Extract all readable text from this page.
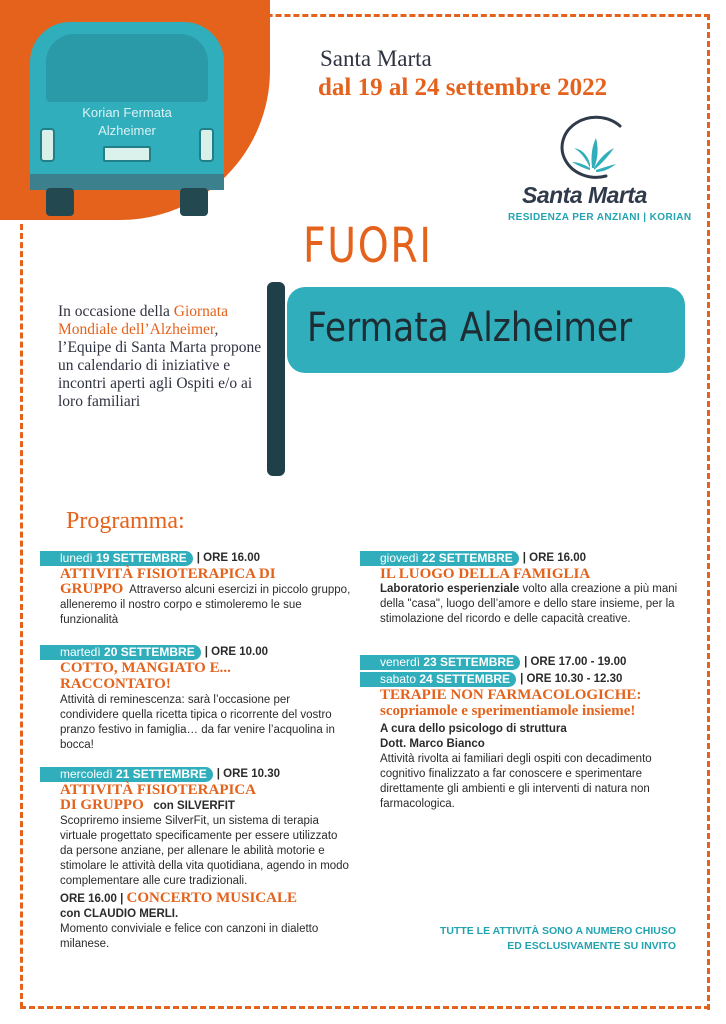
Korian Fermata
Alzheimer
Santa Marta
dal 19 al 24 settembre 2022
Santa Marta
RESIDENZA PER ANZIANI | KORIAN
FUORI
Fermata Alzheimer
In occasione della Giornata Mondiale dell’Alzheimer, l’Equipe di Santa Marta propone un calendario di iniziative e incontri aperti agli Ospiti e/o ai loro familiari
Programma:
lunedì 19 SETTEMBRE | ORE 16.00
ATTIVITÀ FISIOTERAPICA DI
GRUPPO Attraverso alcuni esercizi in piccolo gruppo, alleneremo il nostro corpo e stimoleremo le sue funzionalità
martedì 20 SETTEMBRE | ORE 10.00
COTTO, MANGIATO E... RACCONTATO!
Attività di reminescenza: sarà l’occasione per condividere quella ricetta tipica o ricorrente del vostro pranzo festivo in famiglia… da far venire l’acquolina in bocca!
mercoledì 21 SETTEMBRE | ORE 10.30
ATTIVITÀ FISIOTERAPICA
DI GRUPPO con SILVERFIT
Scopriremo insieme SilverFit, un sistema di terapia virtuale progettato specificamente per essere utilizzato da persone anziane, per allenare le abilità motorie e stimolare le attività della vita quotidiana, agendo in modo complementare alle cure tradizionali.
ORE 16.00 | CONCERTO MUSICALE
con CLAUDIO MERLI.
Momento conviviale e felice con canzoni in dialetto milanese.
giovedì 22 SETTEMBRE | ORE 16.00
IL LUOGO DELLA FAMIGLIA
Laboratorio esperienziale volto alla creazione a più mani della "casa", luogo dell’amore e dello stare insieme, per la stimolazione del ricordo e delle capacità creative.
venerdì 23 SETTEMBRE | ORE 17.00 - 19.00
sabato 24 SETTEMBRE | ORE 10.30 - 12.30
TERAPIE NON FARMACOLOGICHE: scopriamole e sperimentiamole insieme!
A cura dello psicologo di struttura
Dott. Marco Bianco
Attività rivolta ai familiari degli ospiti con decadimento cognitivo finalizzato a far conoscere e sperimentare direttamente gli ambienti e gli interventi di natura non farmacologica.
TUTTE LE ATTIVITÀ SONO A NUMERO CHIUSO
ED ESCLUSIVAMENTE SU INVITO
